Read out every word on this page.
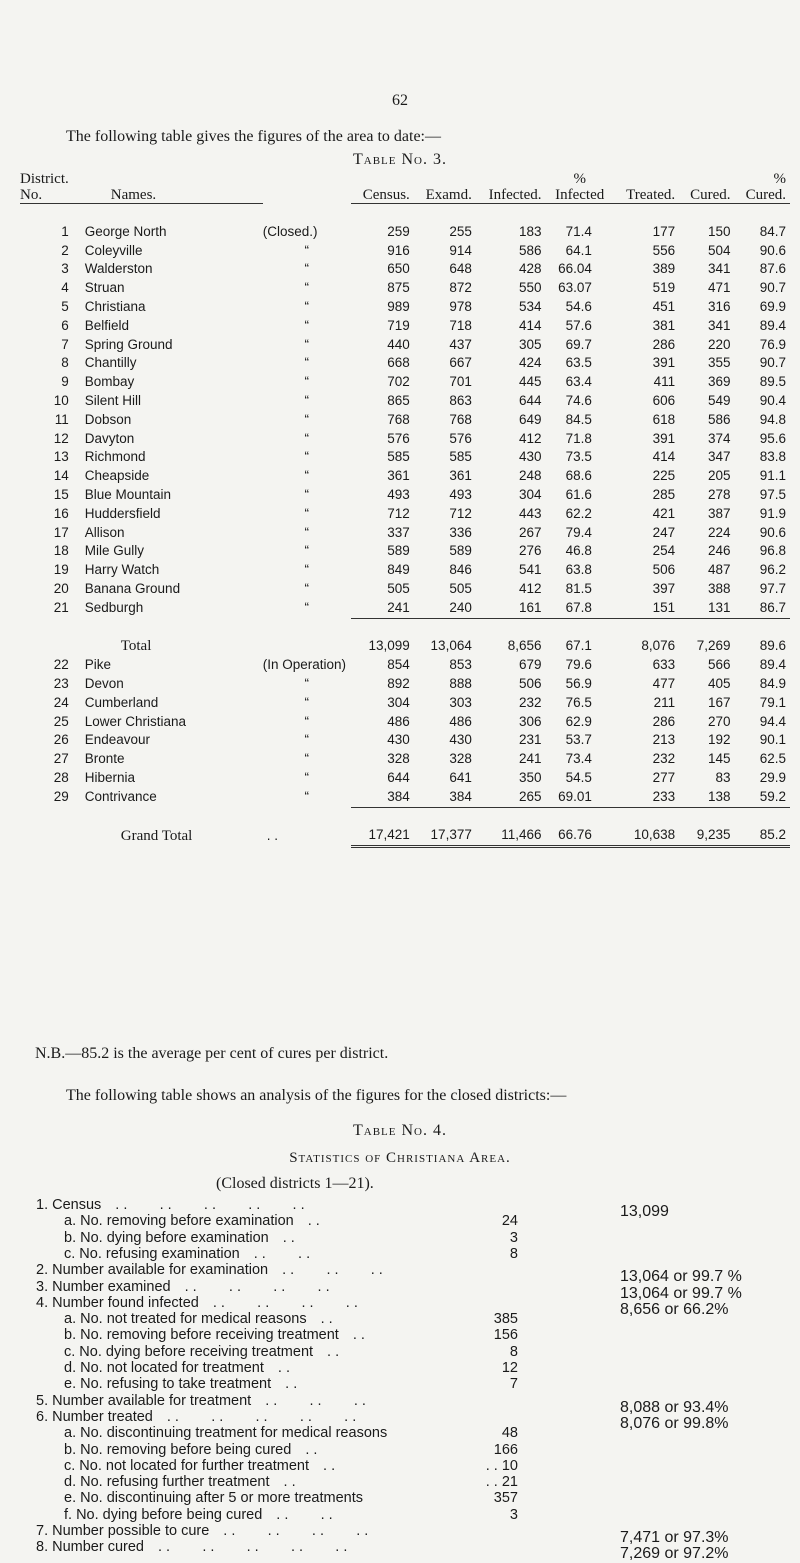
62
The following table gives the figures of the area to date:—
Table No. 3.
District.
No.	Names.		Census.	Examd.	Infected.	%
Infected	Treated.	Cured.	%
Cured.

1	George North	(Closed.)	259	255	183	71.4	177	150	84.7
2	Coleyville	“	916	914	586	64.1	556	504	90.6
3	Walderston	“	650	648	428	66.04	389	341	87.6
4	Struan	“	875	872	550	63.07	519	471	90.7
5	Christiana	“	989	978	534	54.6	451	316	69.9
6	Belfield	“	719	718	414	57.6	381	341	89.4
7	Spring Ground	“	440	437	305	69.7	286	220	76.9
8	Chantilly	“	668	667	424	63.5	391	355	90.7
9	Bombay	“	702	701	445	63.4	411	369	89.5
10	Silent Hill	“	865	863	644	74.6	606	549	90.4
11	Dobson	“	768	768	649	84.5	618	586	94.8
12	Davyton	“	576	576	412	71.8	391	374	95.6
13	Richmond	“	585	585	430	73.5	414	347	83.8
14	Cheapside	“	361	361	248	68.6	225	205	91.1
15	Blue Mountain	“	493	493	304	61.6	285	278	97.5
16	Huddersfield	“	712	712	443	62.2	421	387	91.9
17	Allison	“	337	336	267	79.4	247	224	90.6
18	Mile Gully	“	589	589	276	46.8	254	246	96.8
19	Harry Watch	“	849	846	541	63.8	506	487	96.2
20	Banana Ground	“	505	505	412	81.5	397	388	97.7
21	Sedburgh	“	241	240	161	67.8	151	131	86.7

	Total		13,099	13,064	8,656	67.1	8,076	7,269	89.6
22	Pike	(In Operation)	854	853	679	79.6	633	566	89.4
23	Devon	“	892	888	506	56.9	477	405	84.9
24	Cumberland	“	304	303	232	76.5	211	167	79.1
25	Lower Christiana	“	486	486	306	62.9	286	270	94.4
26	Endeavour	“	430	430	231	53.7	213	192	90.1
27	Bronte	“	328	328	241	73.4	232	145	62.5
28	Hibernia	“	644	641	350	54.5	277	83	29.9
29	Contrivance	“	384	384	265	69.01	233	138	59.2

	Grand Total	. .	17,421	17,377	11,466	66.76	10,638	9,235	85.2
N.B.—85.2 is the average per cent of cures per district.
The following table shows an analysis of the figures for the closed districts:—
Table No. 4.
Statistics of Christiana Area.
(Closed districts 1—21).
1. Census . .        . .        . .        . .        . .	13,099
a. No. removing before examination . .	24
b. No. dying before examination . .	3
c. No. refusing examination . .        . .	8
2. Number available for examination . .        . .        . .	13,064 or 99.7 %
3. Number examined . .        . .        . .        . .	13,064 or 99.7 %
4. Number found infected . .        . .        . .        . .	8,656 or 66.2%
a. No. not treated for medical reasons . .	385
b. No. removing before receiving treatment . .	156
c. No. dying before receiving treatment . .	8
d. No. not located for treatment . .	12
e. No. refusing to take treatment . .	7
5. Number available for treatment . .        . .        . .	8,088 or 93.4%
6. Number treated . .        . .        . .        . .        . .	8,076 or 99.8%
a. No. discontinuing treatment for medical reasons	48
b. No. removing before being cured . .	166
c. No. not located for further treatment . .	. . 10
d. No. refusing further treatment . .	. . 21
e. No. discontinuing after 5 or more treatments	357
f. No. dying before being cured . .        . .	3
7. Number possible to cure . .        . .        . .        . .	7,471 or 97.3%
8. Number cured . .        . .        . .        . .        . .	7,269 or 97.2%
